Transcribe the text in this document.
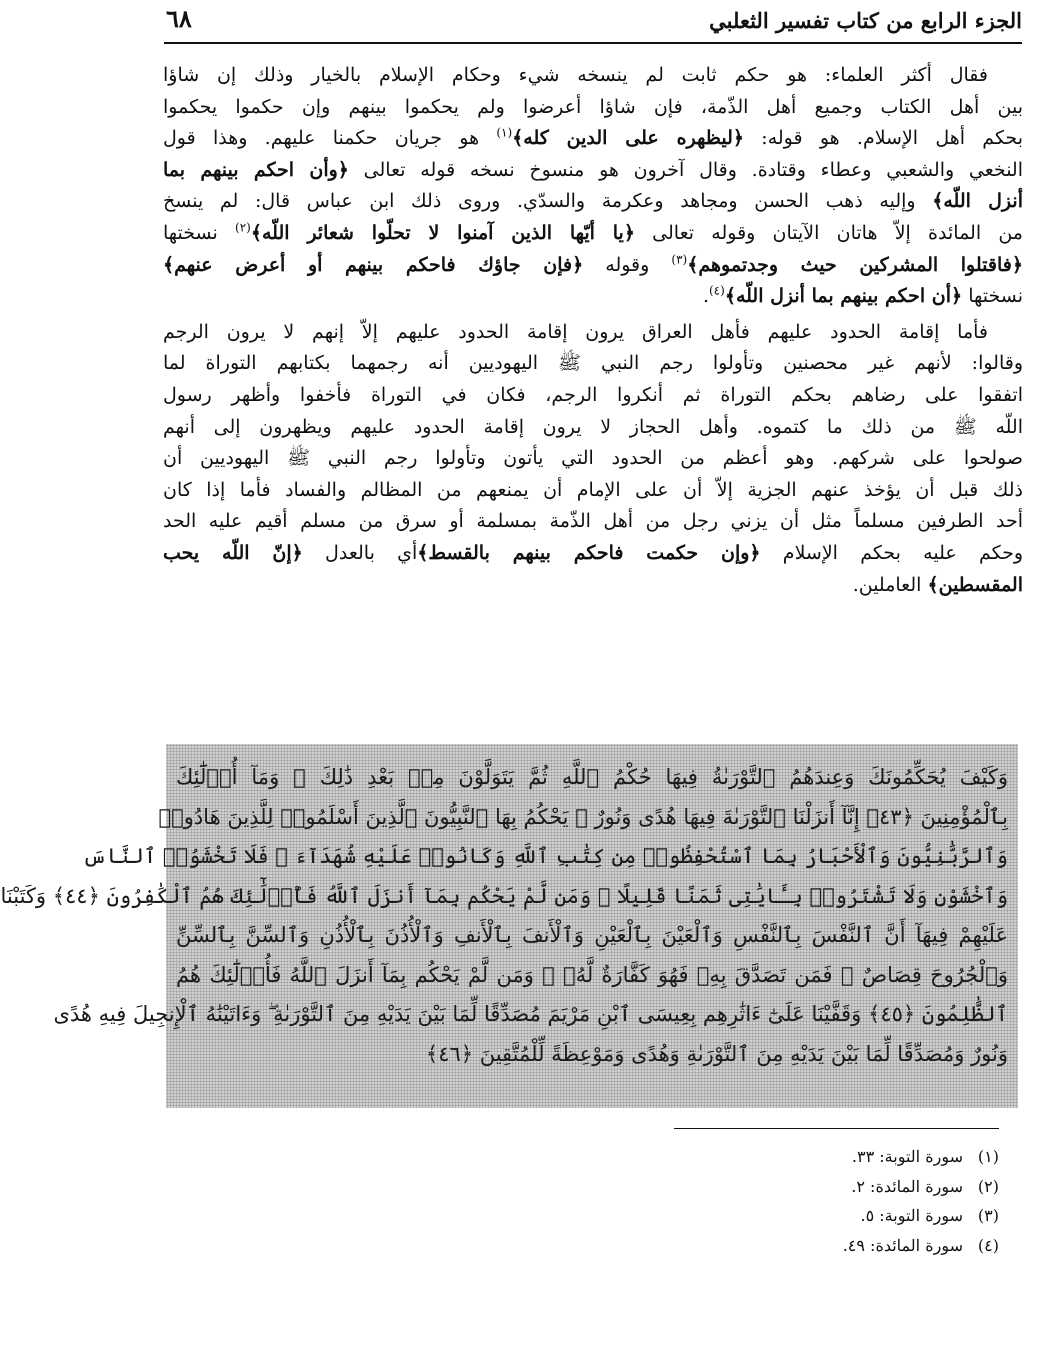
الجزء الرابع من كتاب تفسير الثعلبي
٦٨
فقال أكثر العلماء: هو حكم ثابت لم ينسخه شيء وحكام الإسلام بالخيار وذلك إن شاؤا
بين أهل الكتاب وجميع أهل الذّمة، فإن شاؤا أعرضوا ولم يحكموا بينهم وإن حكموا يحكموا
بحكم أهل الإسلام. هو قوله: ﴿ليظهره على الدين كله﴾$^{(١)}$ هو جريان حكمنا عليهم. وهذا قول
النخعي والشعبي وعطاء وقتادة. وقال آخرون هو منسوخ نسخه قوله تعالى ﴿وأن احكم بينهم بما
أنزل اللّه﴾ وإليه ذهب الحسن ومجاهد وعكرمة والسدّي. وروى ذلك ابن عباس قال: لم ينسخ
من المائدة إلاّ هاتان الآيتان وقوله تعالى ﴿يا أيّها الذين آمنوا لا تحلّوا شعائر اللّه﴾$^{(٢)}$ نسختها
﴿فاقتلوا المشركين حيث وجدتموهم﴾$^{(٣)}$ وقوله ﴿فإن جاؤك فاحكم بينهم أو أعرض عنهم﴾
نسختها ﴿أن احكم بينهم بما أنزل اللّه﴾$^{(٤)}$.
فأما إقامة الحدود عليهم فأهل العراق يرون إقامة الحدود عليهم إلاّ إنهم لا يرون الرجم
وقالوا: لأنهم غير محصنين وتأولوا رجم النبي ﷺ اليهوديين أنه رجمهما بكتابهم التوراة لما
اتفقوا على رضاهم بحكم التوراة ثم أنكروا الرجم، فكان في التوراة فأخفوا وأظهر رسول
اللّه ﷺ من ذلك ما كتموه. وأهل الحجاز لا يرون إقامة الحدود عليهم ويظهرون إلى أنهم
صولحوا على شركهم. وهو أعظم من الحدود التي يأتون وتأولوا رجم النبي ﷺ اليهوديين أن
ذلك قبل أن يؤخذ عنهم الجزية إلاّ أن على الإمام أن يمنعهم من المظالم والفساد فأما إذا كان
أحد الطرفين مسلماً مثل أن يزني رجل من أهل الذّمة بمسلمة أو سرق من مسلم أقيم عليه الحد
وحكم عليه بحكم الإسلام ﴿وإن حكمت فاحكم بينهم بالقسط﴾أي بالعدل ﴿إنّ اللّه يحب
المقسطين﴾ العاملين.
وَكَيْفَ يُحَكِّمُونَكَ وَعِندَهُمُ ٱلتَّوْرَىٰةُ فِيهَا حُكْمُ ٱللَّهِ ثُمَّ يَتَوَلَّوْنَ مِنۢ بَعْدِ ذَٰلِكَ ۚ وَمَآ أُو۟لَٰٓئِكَ
بِٱلْمُؤْمِنِينَ ﴿٤٣﴾ إِنَّآ أَنزَلْنَا ٱلتَّوْرَىٰةَ فِيهَا هُدًى وَنُورٌ ۚ يَحْكُمُ بِهَا ٱلنَّبِيُّونَ ٱلَّذِينَ أَسْلَمُوا۟ لِلَّذِينَ هَادُوا۟
وَٱلرَّبَّٰنِيُّونَ وَٱلْأَحْبَارُ بِمَا ٱسْتُحْفِظُوا۟ مِن كِتَٰبِ ٱللَّهِ وَكَانُوا۟ عَلَيْهِ شُهَدَآءَ ۚ فَلَا تَخْشَوُا۟ ٱلنَّاسَ
وَٱخْشَوْنِ وَلَا تَشْتَرُوا۟ بِـَٔايَٰتِى ثَمَنًا قَلِيلًا ۚ وَمَن لَّمْ يَحْكُم بِمَآ أَنزَلَ ٱللَّهُ فَأُو۟لَٰٓئِكَ هُمُ ٱلْكَٰفِرُونَ ﴿٤٤﴾ وَكَتَبْنَا
عَلَيْهِمْ فِيهَآ أَنَّ ٱلنَّفْسَ بِٱلنَّفْسِ وَٱلْعَيْنَ بِٱلْعَيْنِ وَٱلْأَنفَ بِٱلْأَنفِ وَٱلْأُذُنَ بِٱلْأُذُنِ وَٱلسِّنَّ بِٱلسِّنِّ
وَٱلْجُرُوحَ قِصَاصٌ ۚ فَمَن تَصَدَّقَ بِهِۦ فَهُوَ كَفَّارَةٌ لَّهُۥ ۚ وَمَن لَّمْ يَحْكُم بِمَآ أَنزَلَ ٱللَّهُ فَأُو۟لَٰٓئِكَ هُمُ
ٱلظَّٰلِمُونَ ﴿٤٥﴾ وَقَفَّيْنَا عَلَىٰٓ ءَاثَٰرِهِم بِعِيسَى ٱبْنِ مَرْيَمَ مُصَدِّقًا لِّمَا بَيْنَ يَدَيْهِ مِنَ ٱلتَّوْرَىٰةِ ۖ وَءَاتَيْنَٰهُ ٱلْإِنجِيلَ فِيهِ هُدًى
وَنُورٌ وَمُصَدِّقًا لِّمَا بَيْنَ يَدَيْهِ مِنَ ٱلتَّوْرَىٰةِ وَهُدًى وَمَوْعِظَةً لِّلْمُتَّقِينَ ﴿٤٦﴾
(١)سورة التوبة: ٣٣.
(٢)سورة المائدة: ٢.
(٣)سورة التوبة: ٥.
(٤)سورة المائدة: ٤٩.
